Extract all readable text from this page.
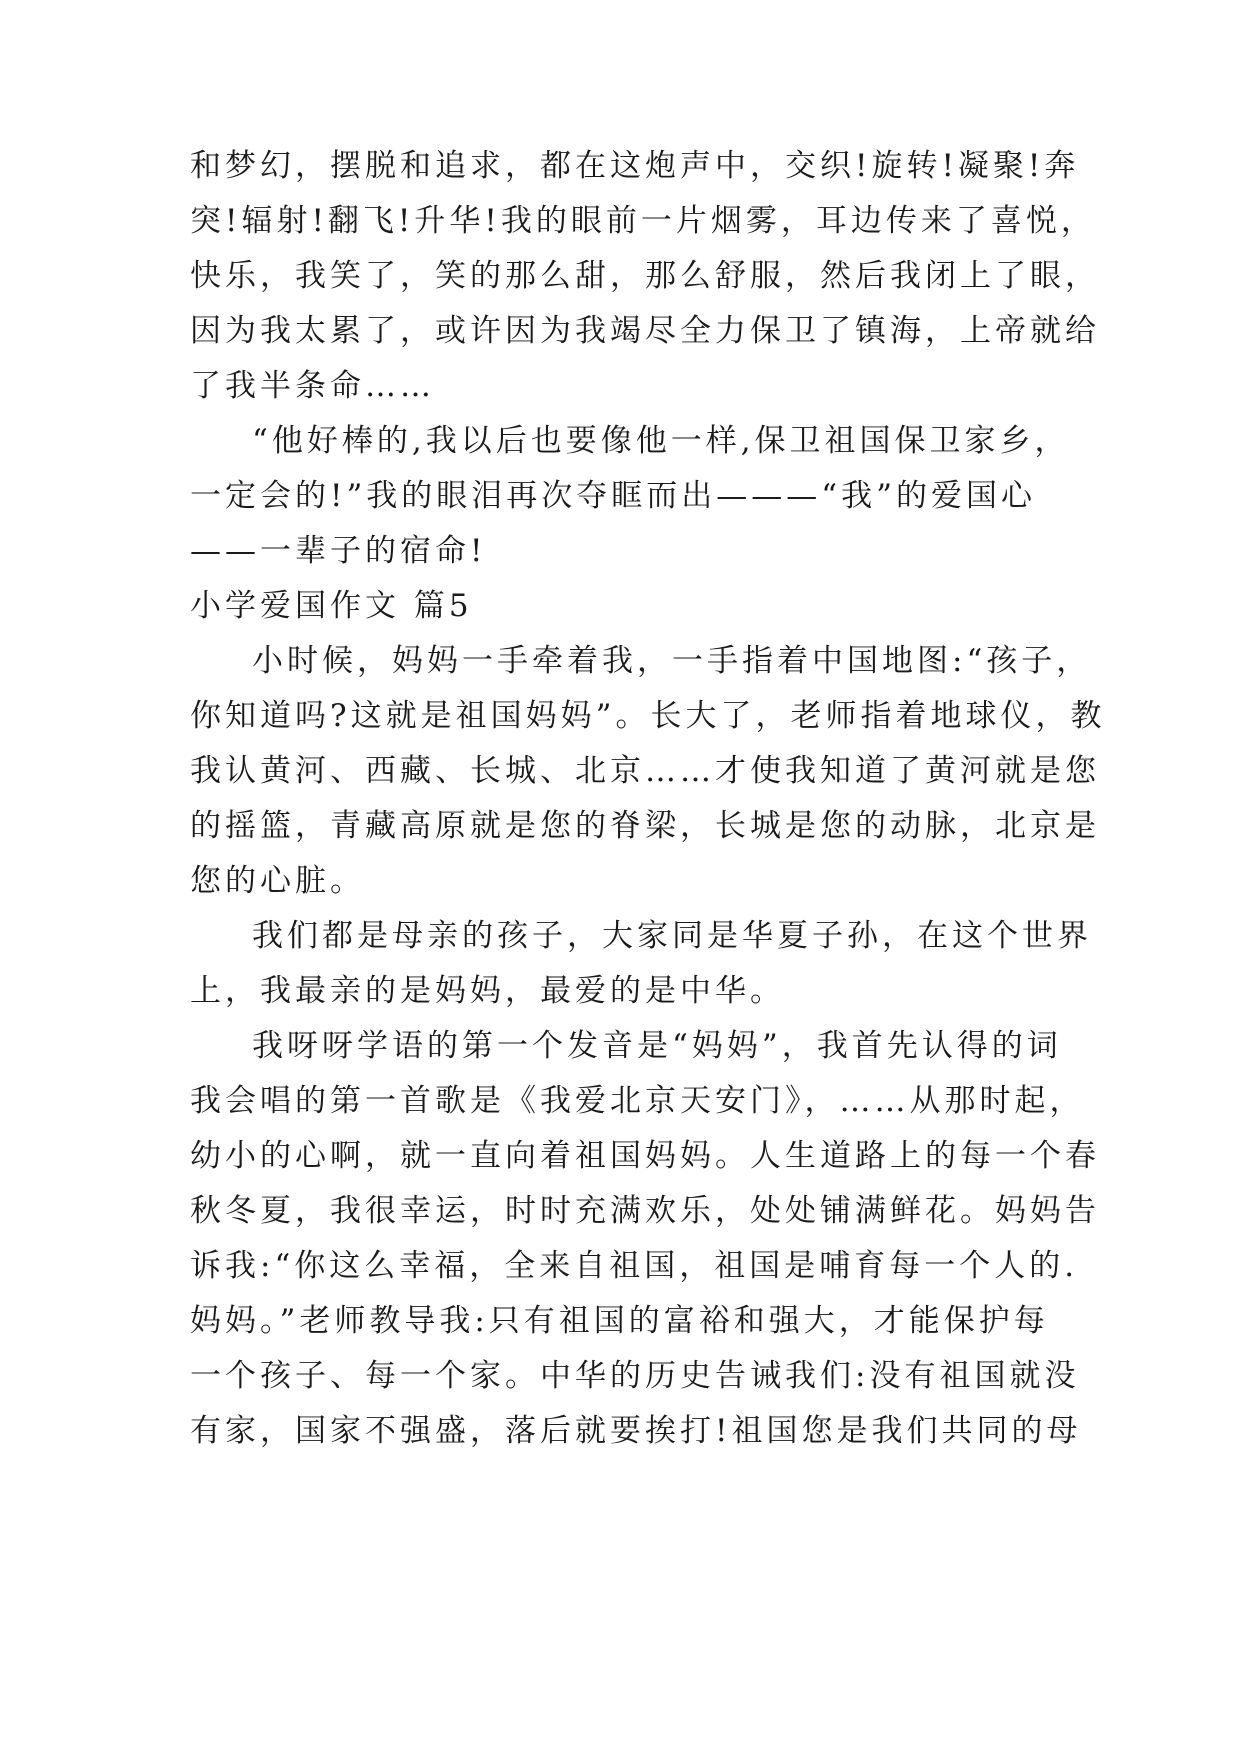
和梦幻，摆脱和追求，都在这炮声中，交织!旋转!凝聚!奔
突!辐射!翻飞!升华!我的眼前一片烟雾，耳边传来了喜悦，
快乐，我笑了，笑的那么甜，那么舒服，然后我闭上了眼，
因为我太累了，或许因为我竭尽全力保卫了镇海，上帝就给
了我半条命……
“他好棒的,我以后也要像他一样,保卫祖国保卫家乡，
一定会的!”我的眼泪再次夺眶而出———“我”的爱国心
——一辈子的宿命!
小学爱国作文 篇5
小时候，妈妈一手牵着我，一手指着中国地图:“孩子，
你知道吗?这就是祖国妈妈”。长大了，老师指着地球仪，教
我认黄河、西藏、长城、北京……才使我知道了黄河就是您
的摇篮，青藏高原就是您的脊梁，长城是您的动脉，北京是
您的心脏。
我们都是母亲的孩子，大家同是华夏子孙，在这个世界
上，我最亲的是妈妈，最爱的是中华。
我呀呀学语的第一个发音是“妈妈”，我首先认得的词
我会唱的第一首歌是《我爱北京天安门》，……从那时起，
幼小的心啊，就一直向着祖国妈妈。人生道路上的每一个春
秋冬夏，我很幸运，时时充满欢乐，处处铺满鲜花。妈妈告
诉我:“你这么幸福，全来自祖国，祖国是哺育每一个人的.
妈妈。”老师教导我:只有祖国的富裕和强大，才能保护每
一个孩子、每一个家。中华的历史告诫我们:没有祖国就没
有家，国家不强盛，落后就要挨打!祖国您是我们共同的母
